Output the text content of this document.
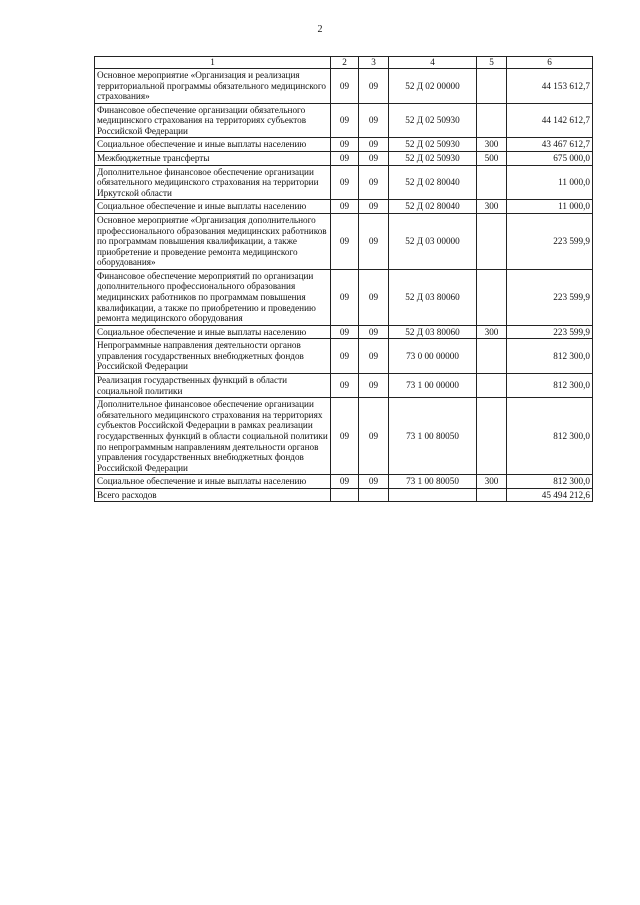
2
1	2	3	4	5	6
Основное мероприятие «Организация и реализация территориальной программы обязательного медицинского страхования»	09	09	52 Д 02 00000		44 153 612,7
Финансовое обеспечение организации обязательного медицинского страхования на территориях субъектов Российской Федерации	09	09	52 Д 02 50930		44 142 612,7
Социальное обеспечение и иные выплаты населению	09	09	52 Д 02 50930	300	43 467 612,7
Межбюджетные трансферты	09	09	52 Д 02 50930	500	675 000,0
Дополнительное финансовое обеспечение организации обязательного медицинского страхования на территории Иркутской области	09	09	52 Д 02 80040		11 000,0
Социальное обеспечение и иные выплаты населению	09	09	52 Д 02 80040	300	11 000,0
Основное мероприятие «Организация дополнительного профессионального образования медицинских работников по программам повышения квалификации, а также приобретение и проведение ремонта медицинского оборудования»	09	09	52 Д 03 00000		223 599,9
Финансовое обеспечение мероприятий по организации дополнительного профессионального образования медицинских работников по программам повышения квалификации, а также по приобретению и проведению ремонта медицинского оборудования	09	09	52 Д 03 80060		223 599,9
Социальное обеспечение и иные выплаты населению	09	09	52 Д 03 80060	300	223 599,9
Непрограммные направления деятельности органов управления государственных внебюджетных фондов Российской Федерации	09	09	73 0 00 00000		812 300,0
Реализация государственных функций в области социальной политики	09	09	73 1 00 00000		812 300,0
Дополнительное финансовое обеспечение организации обязательного медицинского страхования на территориях субъектов Российской Федерации в рамках реализации государственных функций в области социальной политики по непрограммным направлениям деятельности органов управления государственных внебюджетных фондов Российской Федерации	09	09	73 1 00 80050		812 300,0
Социальное обеспечение и иные выплаты населению	09	09	73 1 00 80050	300	812 300,0
Всего расходов					45 494 212,6
